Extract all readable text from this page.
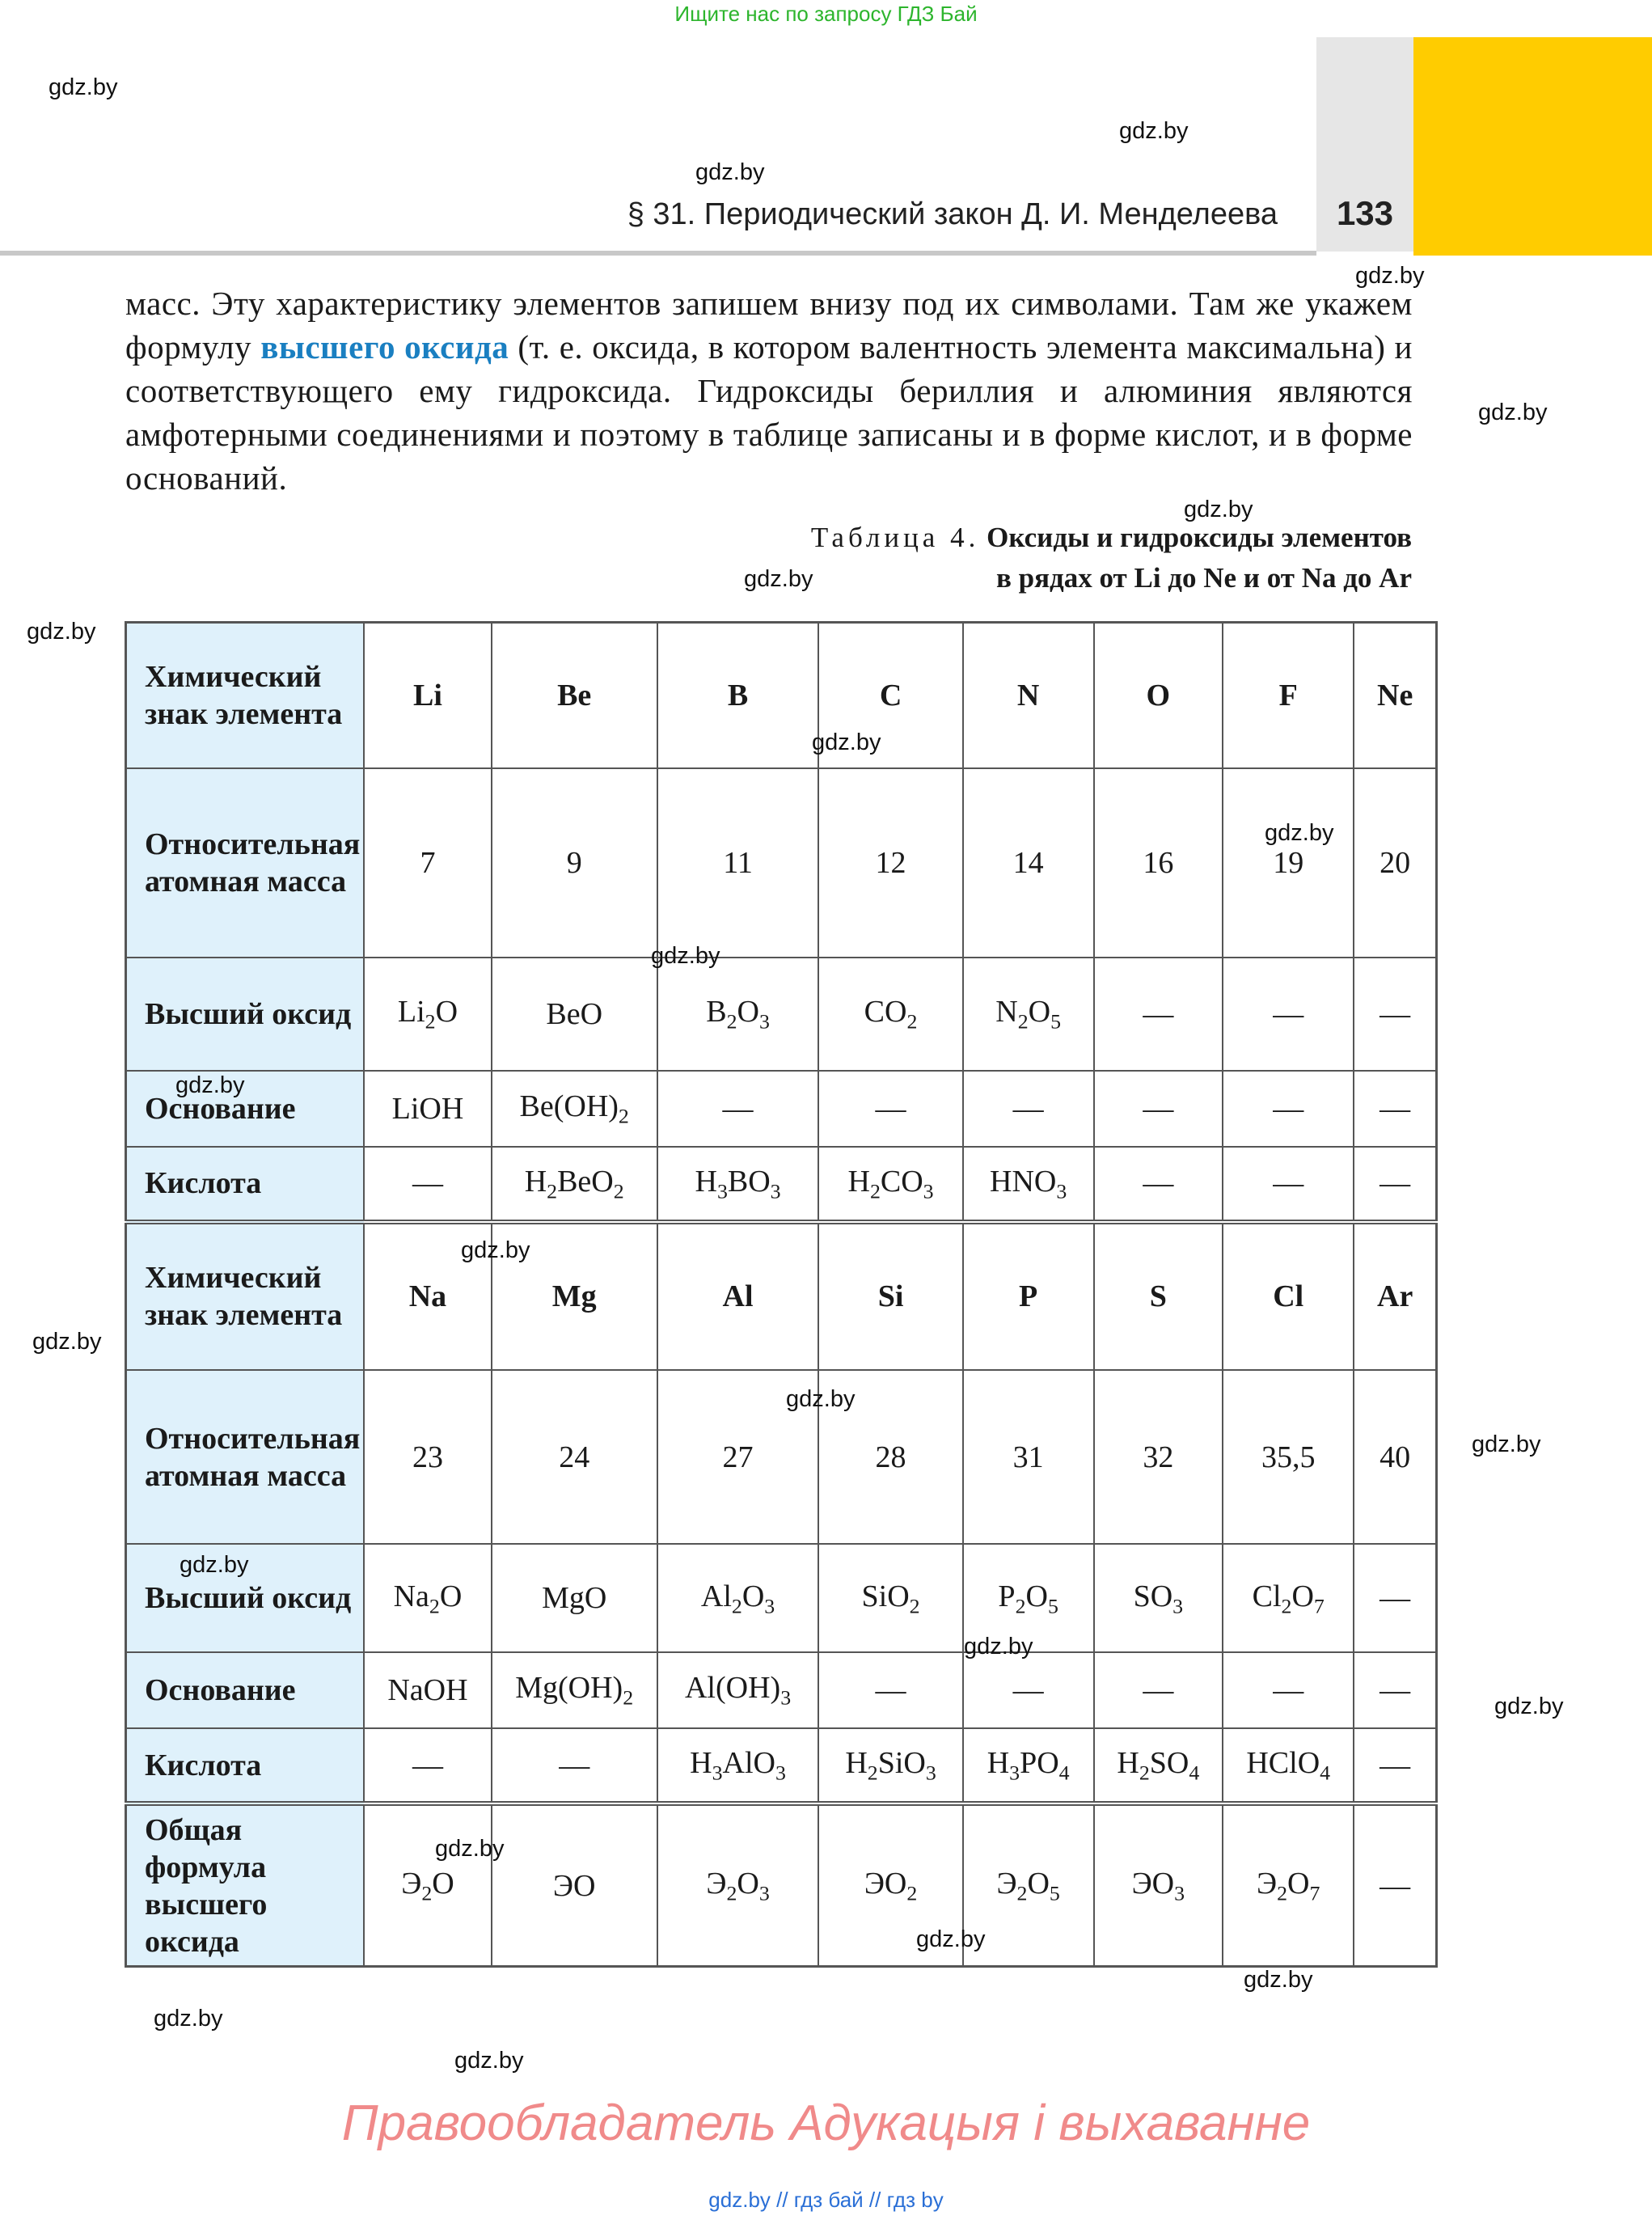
Ищите нас по запросу ГДЗ Бай
§ 31. Периодический закон Д. И. Менделеева	133
gdz.by
gdz.by
gdz.by
gdz.by
gdz.by
gdz.by
gdz.by
gdz.by
масс. Эту характеристику элементов запишем внизу под их символами. Там же укажем формулу высшего оксида (т. е. оксида, в котором валентность элемента максимальна) и соответствующего ему гидроксида. Гидроксиды бериллия и алюминия являются амфотерными соединениями и поэтому в таблице записаны и в форме кислот, и в форме оснований.
Таблица 4. Оксиды и гидроксиды элементов
в рядах от Li до Ne и от Na до Ar
Химический знак элемента	Li	Be	B	C	N	O	F	Ne
Относительная атомная масса	7	9	11	12	14	16	19	20
Высший оксид	$Li_2O$	BeO	$B_2O_3$	$CO_2$	$N_2O_5$	—	—	—
Основание	LiOH	$Be(OH)_2$	—	—	—	—	—	—
Кислота	—	$H_2BeO_2$	$H_3BO_3$	$H_2CO_3$	$HNO_3$	—	—	—
Химический знак элемента	Na	Mg	Al	Si	P	S	Cl	Ar
Относительная атомная масса	23	24	27	28	31	32	35,5	40
Высший оксид	$Na_2O$	MgO	$Al_2O_3$	SiO$_2$	$P_2O_5$	$SO_3$	$Cl_2O_7$	—
Основание	NaOH	$Mg(OH)_2$	$Al(OH)_3$	—	—	—	—	—
Кислота	—	—	$H_3AlO_3$	$H_2SiO_3$	$H_3PO_4$	$H_2SO_4$	HClO$_4$	—
Общая формула высшего оксида	$Э_2O$	ЭO	$Э_2O_3$	$ЭO_2$	$Э_2O_5$	$ЭO_3$	$Э_2O_7$	—
gdz.by
gdz.by
gdz.by
gdz.by
gdz.by
gdz.by
gdz.by
gdz.by
gdz.by
gdz.by
gdz.by
gdz.by
gdz.by
gdz.by
gdz.by
gdz.by
Правообладатель Адукацыя і выхаванне
gdz.by // гдз бай // гдз by
